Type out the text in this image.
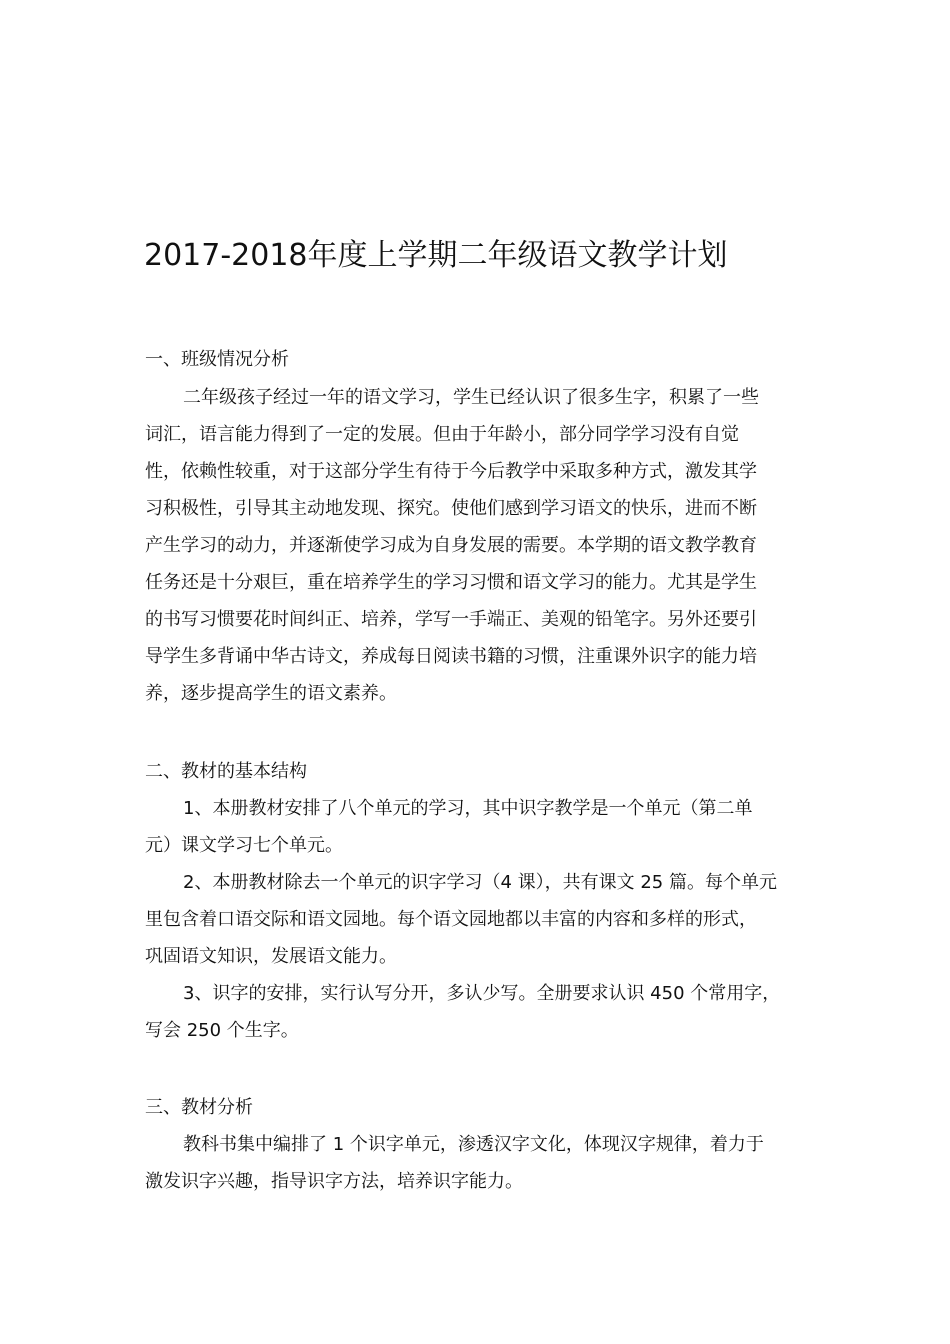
2017-2018年度上学期二年级语文教学计划

一、班级情况分析

二年级孩子经过一年的语文学习，学生已经认识了很多生字，积累了一些

词汇，语言能力得到了一定的发展。但由于年龄小，部分同学学习没有自觉

性，依赖性较重，对于这部分学生有待于今后教学中采取多种方式，激发其学

习积极性，引导其主动地发现、探究。使他们感到学习语文的快乐，进而不断

产生学习的动力，并逐渐使学习成为自身发展的需要。本学期的语文教学教育

任务还是十分艰巨，重在培养学生的学习习惯和语文学习的能力。尤其是学生

的书写习惯要花时间纠正、培养，学写一手端正、美观的铅笔字。另外还要引

导学生多背诵中华古诗文，养成每日阅读书籍的习惯，注重课外识字的能力培

养，逐步提高学生的语文素养。

二、教材的基本结构

1、本册教材安排了八个单元的学习，其中识字教学是一个单元（第二单

元）课文学习七个单元。

2、本册教材除去一个单元的识字学习（4 课），共有课文 25 篇。每个单元

里包含着口语交际和语文园地。每个语文园地都以丰富的内容和多样的形式，

巩固语文知识，发展语文能力。

3、识字的安排，实行认写分开，多认少写。全册要求认识 450 个常用字，

写会 250 个生字。

三、教材分析

教科书集中编排了 1 个识字单元，渗透汉字文化，体现汉字规律，着力于

激发识字兴趣，指导识字方法，培养识字能力。
